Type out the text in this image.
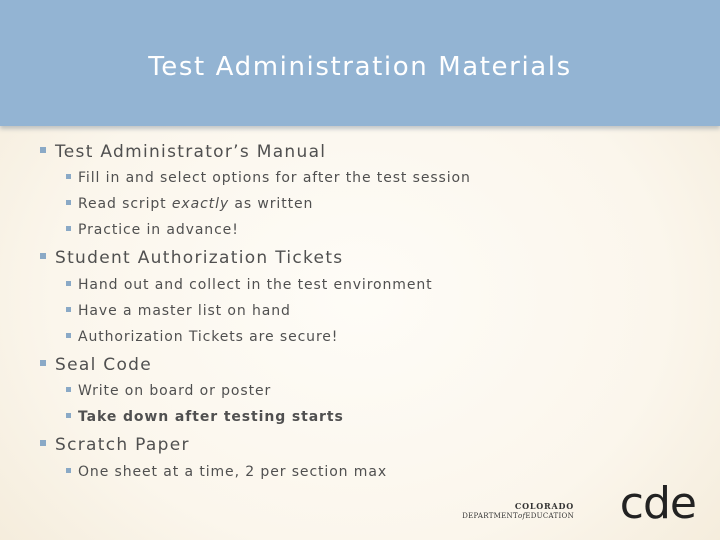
Test Administration Materials
Test Administrator’s Manual
Fill in and select options for after the test session
Read script exactly as written
Practice in advance!
Student Authorization Tickets
Hand out and collect in the test environment
Have a master list on hand
Authorization Tickets are secure!
Seal Code
Write on board or poster
Take down after testing starts
Scratch Paper
One sheet at a time, 2 per section max
COLORADO
DEPARTMENTofEDUCATION cde
